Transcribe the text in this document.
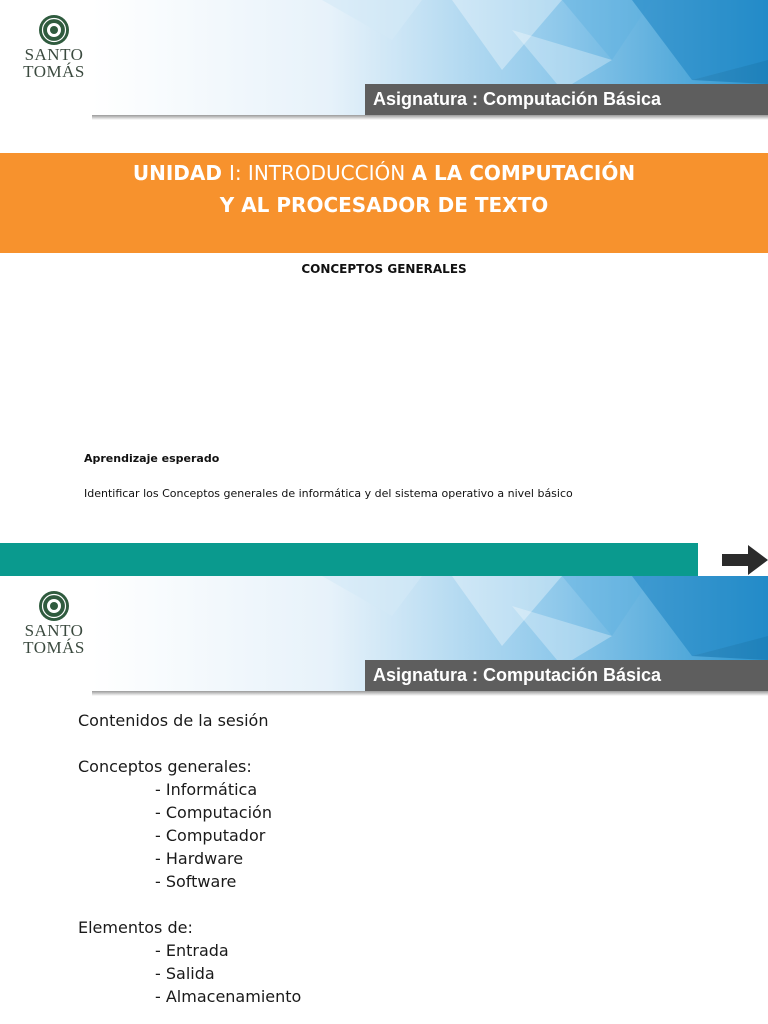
SANTO
TOMÁS
Asignatura : Computación Básica
UNIDAD I: INTRODUCCIÓN A LA COMPUTACIÓN
Y AL PROCESADOR DE TEXTO
CONCEPTOS GENERALES
Aprendizaje esperado
Identificar los Conceptos generales de informática y del sistema operativo a nivel básico
SANTO
TOMÁS
Asignatura : Computación Básica
Contenidos de la sesión
Conceptos generales:
- Informática
- Computación
- Computador
- Hardware
- Software
Elementos de:
- Entrada
- Salida
- Almacenamiento
